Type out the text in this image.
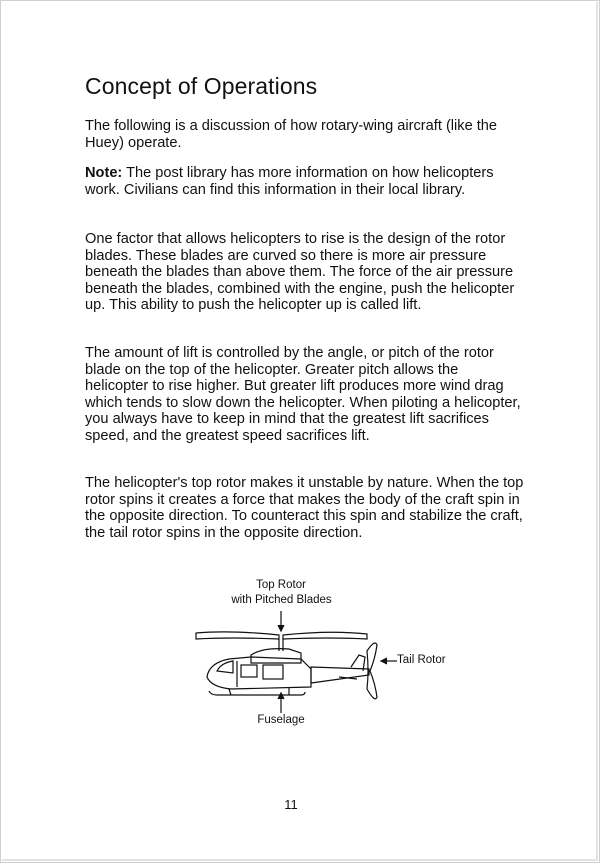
Concept of Operations

The following is a discussion of how rotary-wing aircraft (like the Huey) operate.

Note: The post library has more information on how helicopters work. Civilians can find this information in their local library.

One factor that allows helicopters to rise is the design of the rotor blades. These blades are curved so there is more air pressure beneath the blades than above them. The force of the air pressure beneath the blades, combined with the engine, push the helicopter up. This ability to push the helicopter up is called lift.

The amount of lift is controlled by the angle, or pitch of the rotor blade on the top of the helicopter. Greater pitch allows the helicopter to rise higher. But greater lift produces more wind drag which tends to slow down the helicopter. When piloting a helicopter, you always have to keep in mind that the greatest lift sacrifices speed, and the greatest speed sacrifices lift.

The helicopter's top rotor makes it unstable by nature. When the top rotor spins it creates a force that makes the body of the craft spin in the opposite direction. To counteract this spin and stabilize the craft, the tail rotor spins in the opposite direction.

Top Rotor
with Pitched Blades
Tail Rotor
Fuselage
11
